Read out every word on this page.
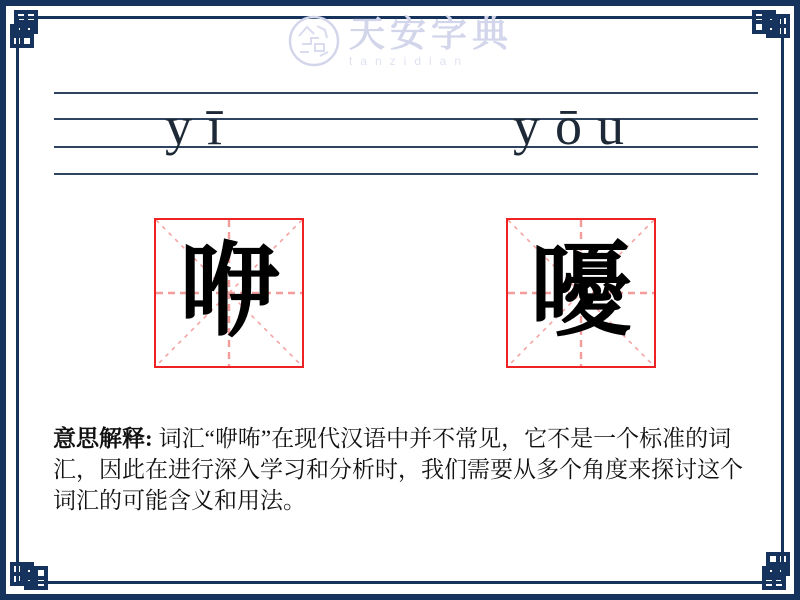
天安字典
tanzidian
yī	yōu
咿 嚘
意思解释: 词汇“咿咘”在现代汉语中并不常见，它不是一个标准的词汇，因此在进行深入学习和分析时，我们需要从多个角度来探讨这个词汇的可能含义和用法。
